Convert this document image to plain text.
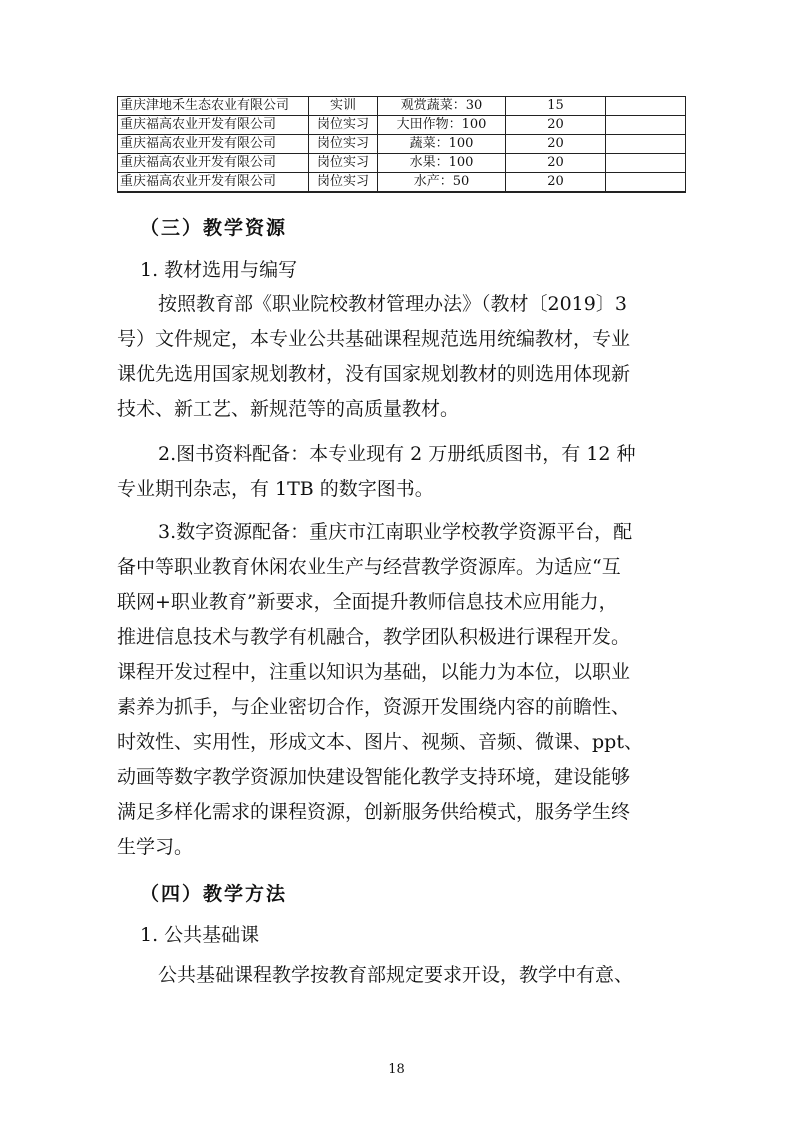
重庆津地禾生态农业有限公司	实训	观赏蔬菜：30	15	
重庆福高农业开发有限公司	岗位实习	大田作物：100	20	
重庆福高农业开发有限公司	岗位实习	蔬菜：100	20	
重庆福高农业开发有限公司	岗位实习	水果：100	20	
重庆福高农业开发有限公司	岗位实习	水产：50	20	
（三）教学资源
1. 教材选用与编写
按照教育部《职业院校教材管理办法》（教材〔2019〕3
号）文件规定，本专业公共基础课程规范选用统编教材，专业
课优先选用国家规划教材，没有国家规划教材的则选用体现新
技术、新工艺、新规范等的高质量教材。
2.图书资料配备：本专业现有 2 万册纸质图书，有 12 种
专业期刊杂志，有 1TB 的数字图书。
3.数字资源配备：重庆市江南职业学校教学资源平台，配
备中等职业教育休闲农业生产与经营教学资源库。为适应“互
联网+职业教育”新要求，全面提升教师信息技术应用能力，
推进信息技术与教学有机融合，教学团队积极进行课程开发。
课程开发过程中，注重以知识为基础，以能力为本位，以职业
素养为抓手，与企业密切合作，资源开发围绕内容的前瞻性、
时效性、实用性，形成文本、图片、视频、音频、微课、ppt、
动画等数字教学资源加快建设智能化教学支持环境，建设能够
满足多样化需求的课程资源，创新服务供给模式，服务学生终
生学习。
（四）教学方法
1. 公共基础课
公共基础课程教学按教育部规定要求开设，教学中有意、
18
